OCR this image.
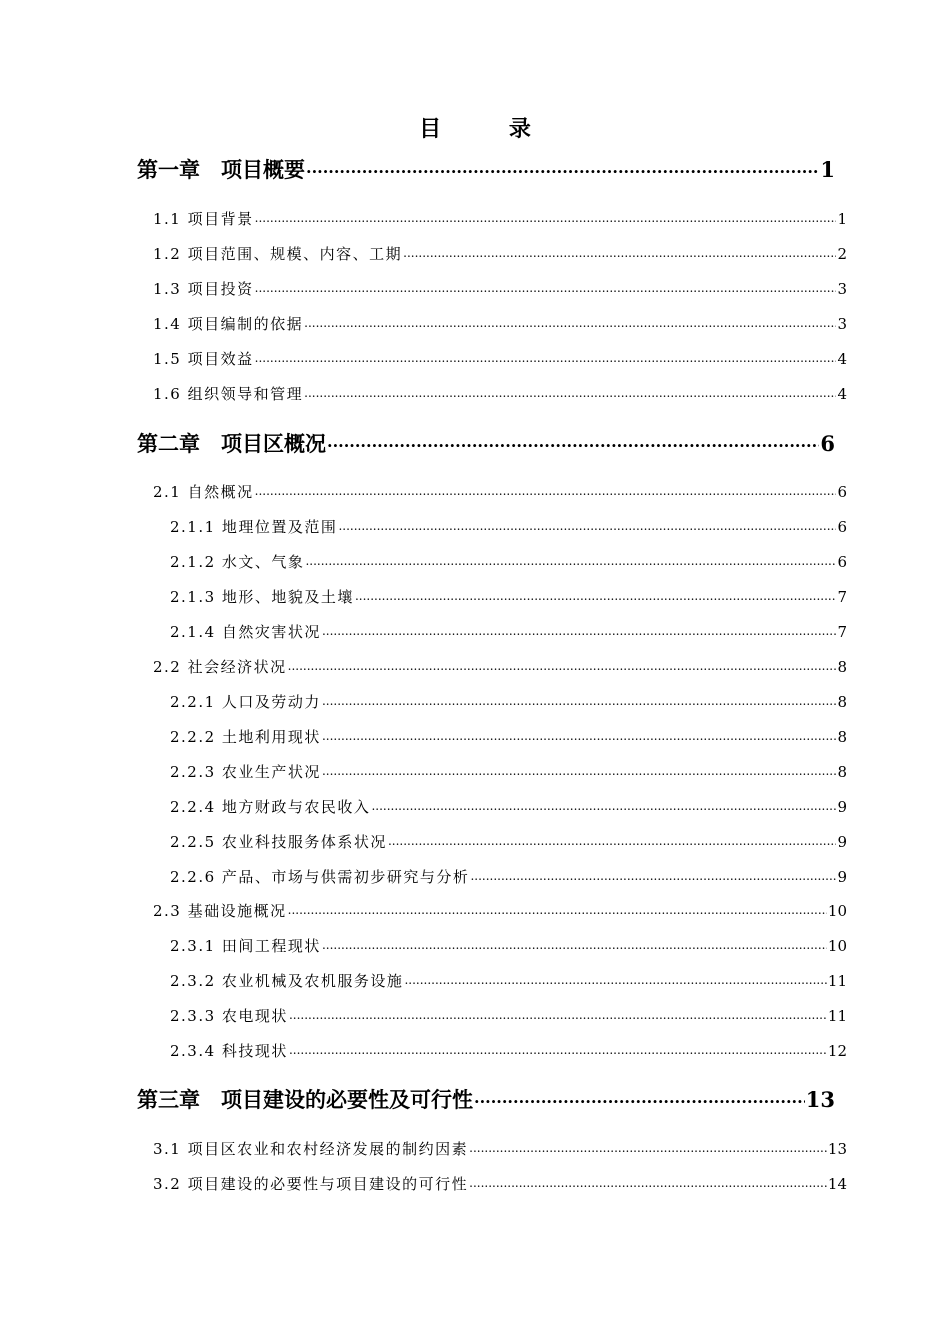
目 录
第一章　项目概要 .....	1
1.1 项目背景 .....	1
1.2 项目范围、规模、内容、工期 .....	2
1.3 项目投资 .....	3
1.4 项目编制的依据 .....	3
1.5 项目效益 .....	4
1.6 组织领导和管理 .....	4
第二章　项目区概况 .....	6
2.1 自然概况 .....	6
2.1.1 地理位置及范围 .....	6
2.1.2 水文、气象 .....	6
2.1.3 地形、地貌及土壤 .....	7
2.1.4 自然灾害状况 .....	7
2.2 社会经济状况 .....	8
2.2.1 人口及劳动力 .....	8
2.2.2 土地利用现状 .....	8
2.2.3 农业生产状况 .....	8
2.2.4 地方财政与农民收入 .....	9
2.2.5 农业科技服务体系状况 .....	9
2.2.6 产品、市场与供需初步研究与分析 .....	9
2.3 基础设施概况 .....	10
2.3.1 田间工程现状 .....	10
2.3.2 农业机械及农机服务设施 .....	11
2.3.3 农电现状 .....	11
2.3.4 科技现状 .....	12
第三章　项目建设的必要性及可行性 .....	13
3.1 项目区农业和农村经济发展的制约因素 .....	13
3.2 项目建设的必要性与项目建设的可行性 .....	14
